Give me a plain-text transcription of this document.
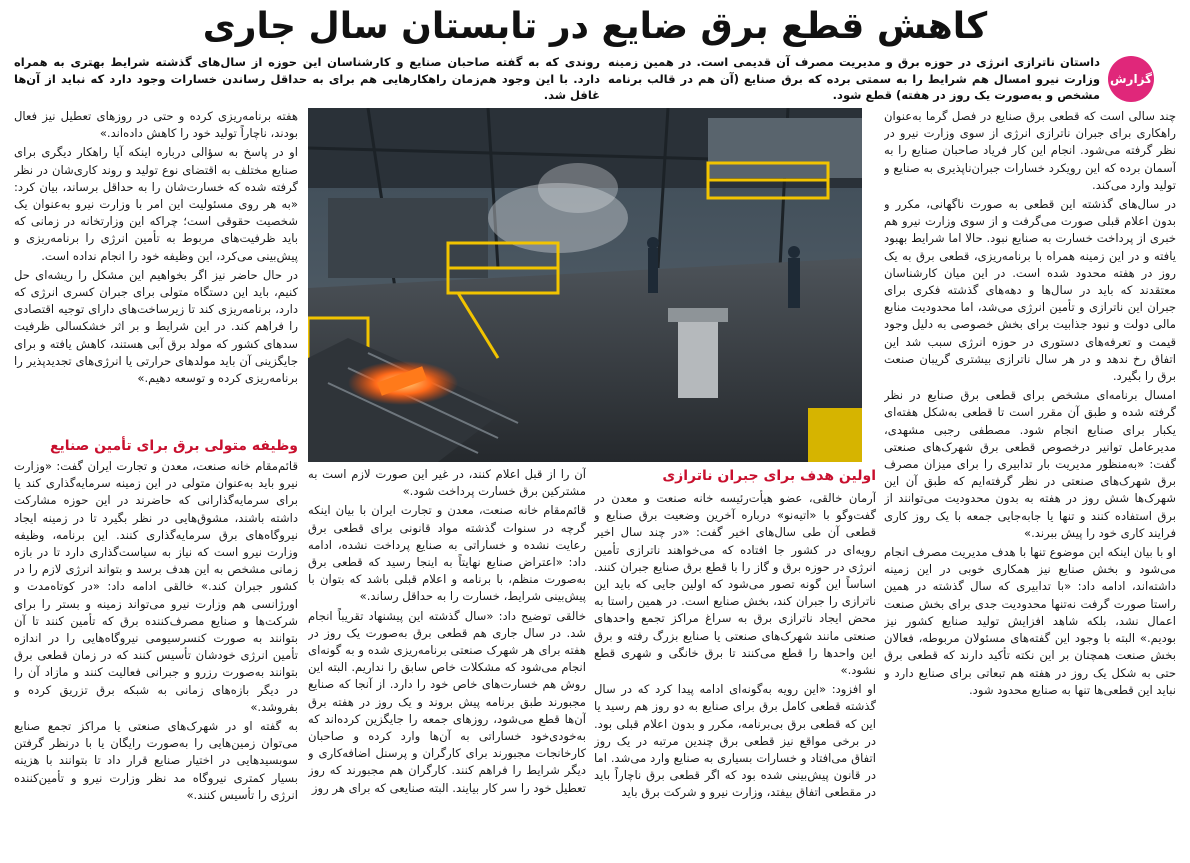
کاهش قطع برق ضایع در تابستان سال جاری
گزارش
داستان ناترازی انرژی در حوزه برق و مدیریت مصرف آن قدیمی است. در همین زمینه وزارت نیرو امسال هم شرایط را به سمتی برده که برق صنایع (آن هم در قالب برنامه مشخص و به‌صورت یک روز در هفته) قطع شود.
روندی که به گفته صاحبان صنایع و کارشناسان این حوزه از سال‌های گذشته شرایط بهتری به همراه دارد. با این وجود هم‌زمان راهکارهایی هم برای به حداقل رساندن خسارات وجود دارد که نباید از آن‌ها غافل شد.

چند سالی است که قطعی برق صنایع در فصل گرما به‌عنوان راهکاری برای جبران ناترازی انرژی از سوی وزارت نیرو در نظر گرفته می‌شود. انجام این کار فریاد صاحبان صنایع را به آسمان برده که این رویکرد خسارات جبران‌ناپذیری به صنایع و تولید وارد می‌کند.

در سال‌های گذشته این قطعی به صورت ناگهانی، مکرر و بدون اعلام قبلی صورت می‌گرفت و از سوی وزارت نیرو هم خبری از پرداخت خسارت به صنایع نبود. حالا اما شرایط بهبود یافته و در این زمینه همراه با برنامه‌ریزی، قطعی برق به یک روز در هفته محدود شده است. در این میان کارشناسان معتقدند که باید در سال‌ها و دهه‌های گذشته فکری برای جبران این ناترازی و تأمین انرژی می‌شد، اما محدودیت منابع مالی دولت و نبود جذابیت برای بخش خصوصی به دلیل وجود قیمت و تعرفه‌های دستوری در حوزه انرژی سبب شد این اتفاق رخ ندهد و در هر سال ناترازی بیشتری گریبان صنعت برق را بگیرد.

امسال برنامه‌ای مشخص برای قطعی برق صنایع در نظر گرفته شده و طبق آن مقرر است تا قطعی به‌شکل هفته‌ای یکبار برای صنایع انجام شود. مصطفی رجبی مشهدی، مدیرعامل توانیر درخصوص قطعی برق شهرک‌های صنعتی گفت: «به‌منظور مدیریت بار تدابیری را برای میزان مصرف برق شهرک‌های صنعتی در نظر گرفته‌ایم که طبق آن این شهرک‌ها شش روز در هفته به بدون محدودیت می‌توانند از برق استفاده کنند و تنها یا جابه‌جایی جمعه با یک روز کاری فرایند کاری خود را پیش ببرند.»

او با بیان اینکه این موضوع تنها با هدف مدیریت مصرف انجام می‌شود و بخش صنایع نیز همکاری خوبی در این زمینه داشته‌اند، ادامه داد: «با تدابیری که سال گذشته در همین راستا صورت گرفت نه‌تنها محدودیت جدی برای بخش صنعت اعمال نشد، بلکه شاهد افزایش تولید صنایع کشور نیز بودیم.» البته با وجود این گفته‌های مسئولان مربوطه، فعالان بخش صنعت همچنان بر این نکته تأکید دارند که قطعی برق حتی به شکل یک روز در هفته هم تبعاتی برای صنایع دارد و نباید این قطعی‌ها تنها به صنایع محدود شود.

اولین هدف برای جبران ناترازی

آرمان خالقی، عضو هیأت‌رئیسه خانه صنعت و معدن در گفت‌وگو با «اتیه‌نو» درباره آخرین وضعیت برق صنایع و قطعی آن طی سال‌های اخیر گفت: «در چند سال اخیر رویه‌ای در کشور جا افتاده که می‌خواهند ناترازی تأمین انرژی در حوزه برق و گاز را با قطع برق صنایع جبران کنند. اساساً این گونه تصور می‌شود که اولین جایی که باید این ناترازی را جبران کند، بخش صنایع است. در همین راستا به محض ایجاد ناترازی برق به سراغ مراکز تجمع واحدهای صنعتی مانند شهرک‌های صنعتی یا صنایع بزرگ رفته و برق این واحدها را قطع می‌کنند تا برق خانگی و شهری قطع نشود.»

او افزود: «این رویه به‌گونه‌ای ادامه پیدا کرد که در سال گذشته قطعی کامل برق برای صنایع به دو روز هم رسید یا این که قطعی برق بی‌برنامه، مکرر و بدون اعلام قبلی بود. در برخی مواقع نیز قطعی برق چندین مرتبه در یک روز اتفاق می‌افتاد و خسارات بسیاری به صنایع وارد می‌شد. اما در قانون پیش‌بینی شده بود که اگر قطعی برق ناچاراً باید در مقطعی اتفاق بیفتد، وزارت نیرو و شرکت برق باید

آن را از قبل اعلام کنند، در غیر این صورت لازم است به مشترکین برق خسارت پرداخت شود.»

قائم‌مقام خانه صنعت، معدن و تجارت ایران با بیان اینکه گرچه در سنوات گذشته مواد قانونی برای قطعی برق رعایت نشده و خساراتی به صنایع پرداخت نشده، ادامه داد: «اعتراض صنایع نهایتاً به اینجا رسید که قطعی برق به‌صورت منظم، با برنامه و اعلام قبلی باشد که بتوان با پیش‌بینی شرایط، خسارت را به حداقل رساند.»

خالقی توضیح داد: «سال گذشته این پیشنهاد تقریباً انجام شد. در سال جاری هم قطعی برق به‌صورت یک روز در هفته برای هر شهرک صنعتی برنامه‌ریزی شده و به گونه‌ای انجام می‌شود که مشکلات خاص سابق را نداریم. البته این روش هم خسارت‌های خاص خود را دارد. از آنجا که صنایع مجبورند طبق برنامه پیش بروند و یک روز در هفته برق آن‌ها قطع می‌شود، روزهای جمعه را جایگزین کرده‌اند که به‌خودی‌خود خساراتی به آن‌ها وارد کرده و صاحبان کارخانجات مجبورند برای کارگران و پرسنل اضافه‌کاری و دیگر شرایط را فراهم کنند. کارگران هم مجبورند که روز تعطیل خود را سر کار بیایند. البته صنایعی که برای هر روز

هفته برنامه‌ریزی کرده و حتی در روزهای تعطیل نیز فعال بودند، ناچاراً تولید خود را کاهش داده‌اند.»

او در پاسخ به سؤالی درباره اینکه آیا راهکار دیگری برای صنایع مختلف به اقتضای نوع تولید و روند کاری‌شان در نظر گرفته شده که خسارت‌شان را به حداقل برساند، بیان کرد: «به هر روی مسئولیت این امر با وزارت نیرو به‌عنوان یک شخصیت حقوقی است؛ چراکه این وزارتخانه در زمانی که باید ظرفیت‌های مربوط به تأمین انرژی را برنامه‌ریزی و پیش‌بینی می‌کرد، این وظیفه خود را انجام نداده است.

در حال حاضر نیز اگر بخواهیم این مشکل را ریشه‌ای حل کنیم، باید این دستگاه متولی برای جبران کسری انرژی که دارد، برنامه‌ریزی کند تا زیرساخت‌های دارای توجیه اقتصادی را فراهم کند. در این شرایط و بر اثر خشکسالی ظرفیت سدهای کشور که مولد برق آبی هستند، کاهش یافته و برای جایگزینی آن باید مولدهای حرارتی یا انرژی‌های تجدیدپذیر را برنامه‌ریزی کرده و توسعه دهیم.»

وظیفه متولی برق برای تأمین صنایع

قائم‌مقام خانه صنعت، معدن و تجارت ایران گفت: «وزارت نیرو باید به‌عنوان متولی در این زمینه سرمایه‌گذاری کند یا برای سرمایه‌گذارانی که حاضرند در این حوزه مشارکت داشته باشند، مشوق‌هایی در نظر بگیرد تا در زمینه ایجاد نیروگاه‌های برق سرمایه‌گذاری کنند. این برنامه، وظیفه وزارت نیرو است که نیاز به سیاست‌گذاری دارد تا در بازه زمانی مشخص به این هدف برسد و بتواند انرژی لازم را در کشور جبران کند.» خالقی ادامه داد: «در کوتاه‌مدت و اورژانسی هم وزارت نیرو می‌تواند زمینه و بستر را برای شرکت‌ها و صنایع مصرف‌کننده برق که تأمین کنند تا آن بتوانند به صورت کنسرسیومی نیروگاه‌هایی را در اندازه تأمین انرژی خودشان تأسیس کنند که در زمان قطعی برق بتوانند به‌صورت رزرو و جبرانی فعالیت کنند و مازاد آن را در دیگر بازه‌های زمانی به شبکه برق تزریق کرده و بفروشد.»

به گفته او در شهرک‌های صنعتی یا مراکز تجمع صنایع می‌توان زمین‌هایی را به‌صورت رایگان یا با درنظر گرفتن سوبسیدهایی در اختیار صنایع قرار داد تا بتوانند با هزینه بسیار کمتری نیروگاه مد نظر وزارت نیرو و تأمین‌کننده انرژی را تأسیس کنند.»
